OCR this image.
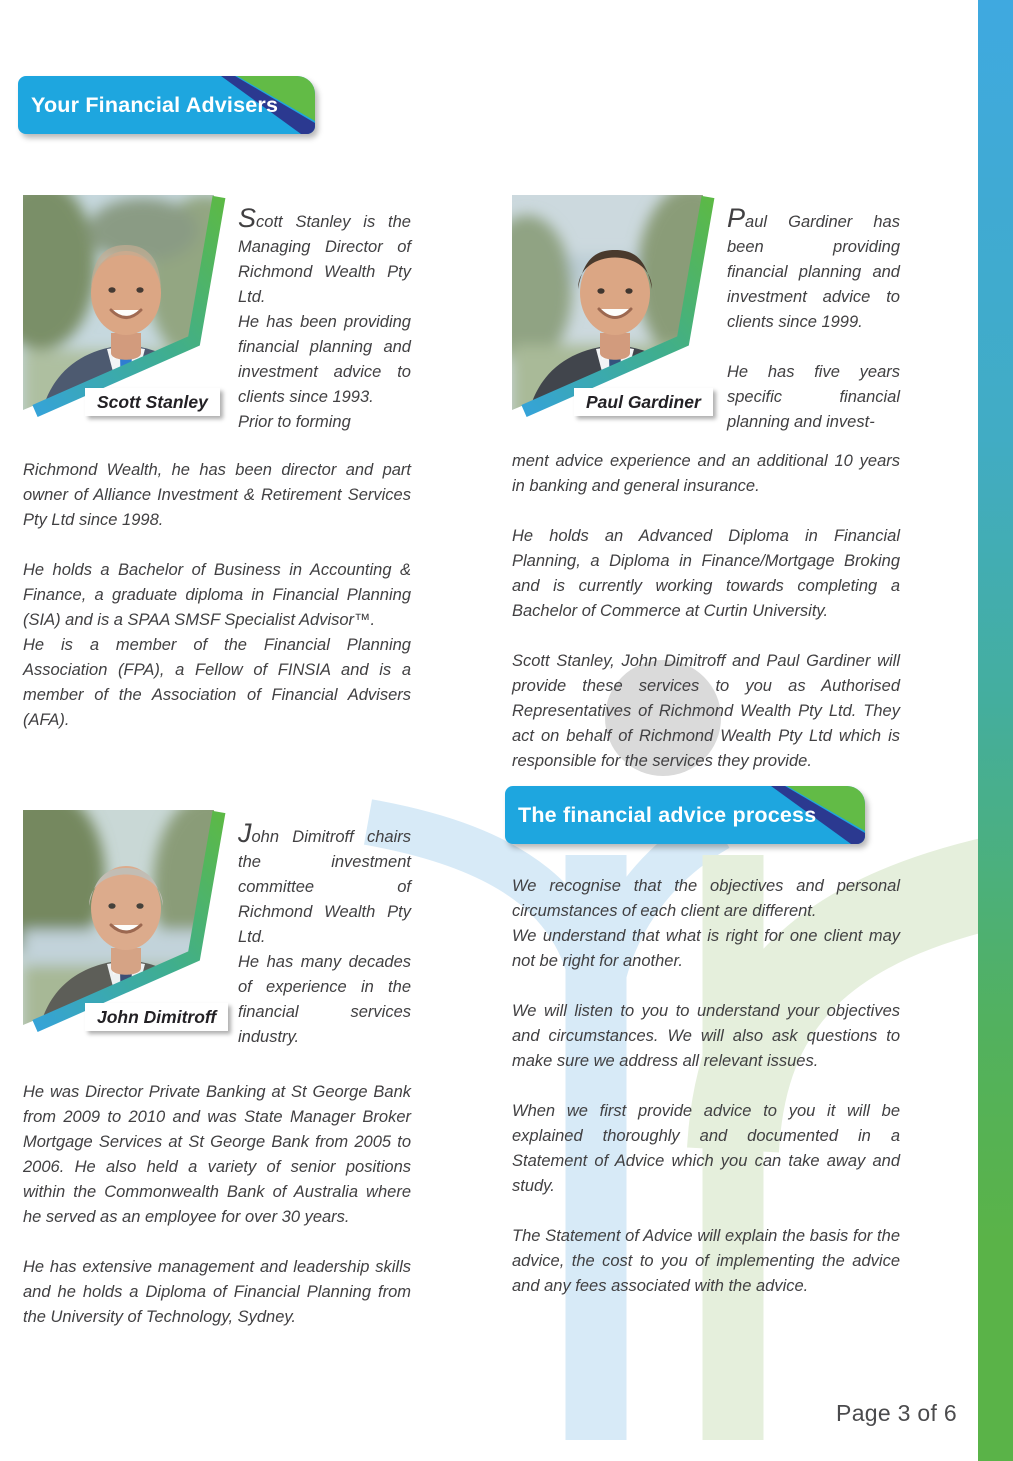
Your Financial Advisers
Scott Stanley
Scott Stanley is the Managing Director of Richmond Wealth Pty Ltd.
He has been providing financial planning and investment advice to clients since 1993.
Prior to forming

Richmond Wealth, he has been director and part owner of Alliance Investment & Retirement Services Pty Ltd since 1998.

He holds a Bachelor of Business in Accounting & Finance, a graduate diploma in Financial Planning (SIA) and is a SPAA SMSF Specialist Advisor™.

He is a member of the Financial Planning Association (FPA), a Fellow of FINSIA and is a member of the Association of Financial Advisers (AFA).

John Dimitroff
John Dimitroff chairs the investment committee of Richmond Wealth Pty Ltd.
He has many decades of experience in the financial services industry.

He was Director Private Banking at St George Bank from 2009 to 2010 and was State Manager Broker Mortgage Services at St George Bank from 2005 to 2006. He also held a variety of senior positions within the Commonwealth Bank of Australia where he served as an employee for over 30 years.

He has extensive management and leadership skills and he holds a Diploma of Financial Planning from the University of Technology, Sydney.

Paul Gardiner
Paul Gardiner has been providing financial planning and investment advice to clients since 1999.
He has five years specific financial planning and invest-

ment advice experience and an additional 10 years in banking and general insurance.

He holds an Advanced Diploma in Financial Planning, a Diploma in Finance/Mortgage Broking and is currently working towards completing a Bachelor of Commerce at Curtin University.

Scott Stanley, John Dimitroff and Paul Gardiner will provide these services to you as Authorised Representatives of Richmond Wealth Pty Ltd. They act on behalf of Richmond Wealth Pty Ltd which is responsible for the services they provide.

The financial advice process

We recognise that the objectives and personal circumstances of each client are different.

We understand that what is right for one client may not be right for another.

We will listen to you to understand your objectives and circumstances. We will also ask questions to make sure we address all relevant issues.

When we first provide advice to you it will be explained thoroughly and documented in a Statement of Advice which you can take away and study.

The Statement of Advice will explain the basis for the advice, the cost to you of implementing the advice and any fees associated with the advice.

Page 3 of 6
